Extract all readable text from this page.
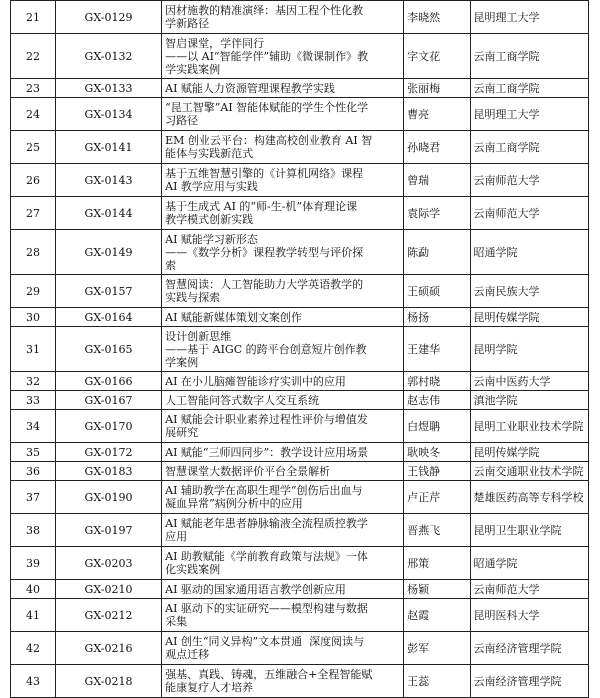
21	GX-0129	因材施教的精准演绎：基因工程个性化教
学新路径	李晓然	昆明理工大学
22	GX-0132	智启课堂，学伴同行
——以 AI“智能学伴”辅助《微课制作》教
学实践案例	字文花	云南工商学院
23	GX-0133	AI 赋能人力资源管理课程教学实践	张丽梅	云南工商学院
24	GX-0134	“昆工智擎”AI 智能体赋能的学生个性化学
习路径	曹亮	昆明理工大学
25	GX-0141	EM 创业云平台：构建高校创业教育 AI 智
能体与实践新范式	孙晓君	云南工商学院
26	GX-0143	基于五维智慧引擎的《计算机网络》课程
AI 教学应用与实践	曾瑞	云南师范大学
27	GX-0144	基于生成式 AI 的“师-生-机”体育理论课
教学模式创新实践	袁际学	云南师范大学
28	GX-0149	AI 赋能学习新形态
——《数学分析》课程教学转型与评价探
索	陈勐	昭通学院
29	GX-0157	智慧阅读：人工智能助力大学英语教学的
实践与探索	王硕硕	云南民族大学
30	GX-0164	AI 赋能新媒体策划文案创作	杨扬	昆明传媒学院
31	GX-0165	设计创新思维
——基于 AIGC 的跨平台创意短片创作教
学案例	王建华	昆明学院
32	GX-0166	AI 在小儿脑瘫智能诊疗实训中的应用	郭村晓	云南中医药大学
33	GX-0167	人工智能问答式数字人交互系统	赵志伟	滇池学院
34	GX-0170	AI 赋能会计职业素养过程性评价与增值发
展研究	白煜聃	昆明工业职业技术学院
35	GX-0172	AI 赋能“三师四同步”：教学设计应用场景	耿映冬	昆明传媒学院
36	GX-0183	智慧课堂大数据评价平台全景解析	王钱静	云南交通职业技术学院
37	GX-0190	AI 辅助教学在高职生理学“创伤后出血与
凝血异常”病例分析中的应用	卢正芹	楚雄医药高等专科学校
38	GX-0197	AI 赋能老年患者静脉输液全流程质控教学
应用	晋燕飞	昆明卫生职业学院
39	GX-0203	AI 助教赋能《学前教育政策与法规》一体
化实践案例	邢策	昭通学院
40	GX-0210	AI 驱动的国家通用语言教学创新应用	杨颖	云南师范大学
41	GX-0212	AI 驱动下的实证研究——模型构建与数据
采集	赵霞	昆明医科大学
42	GX-0216	AI 创生“同义异构”文本贯通  深度阅读与
观点迁移	彭军	云南经济管理学院
43	GX-0218	强基、真践、铸魂，五维融合+全程智能赋
能康复疗人才培养	王蕊	云南经济管理学院
